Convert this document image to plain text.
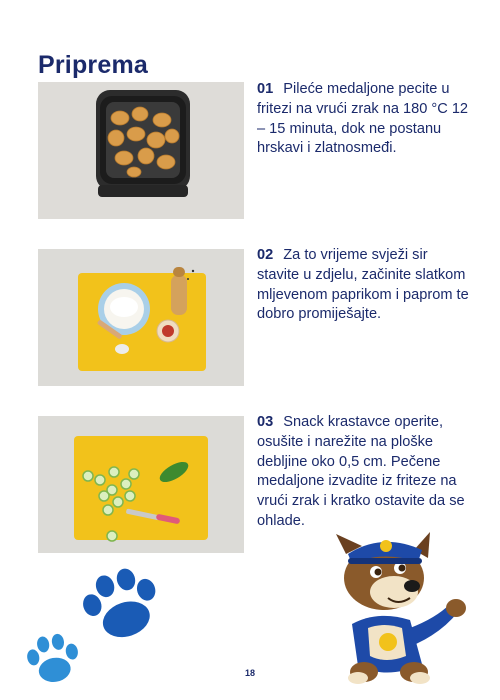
Priprema
01 Pileće medaljone pecite u fritezi na vrući zrak na 180 °C 12 – 15 minuta, dok ne postanu hrskavi i zlatnosmeđi.
02 Za to vrijeme svježi sir stavite u zdjelu, začinite slatkom mljevenom paprikom i paprom te dobro promiješajte.
03 Snack krastavce operite, osušite i narežite na ploške debljine oko 0,5 cm. Pečene medaljone izvadite iz friteze na vrući zrak i kratko ostavite da se ohlade.
18
